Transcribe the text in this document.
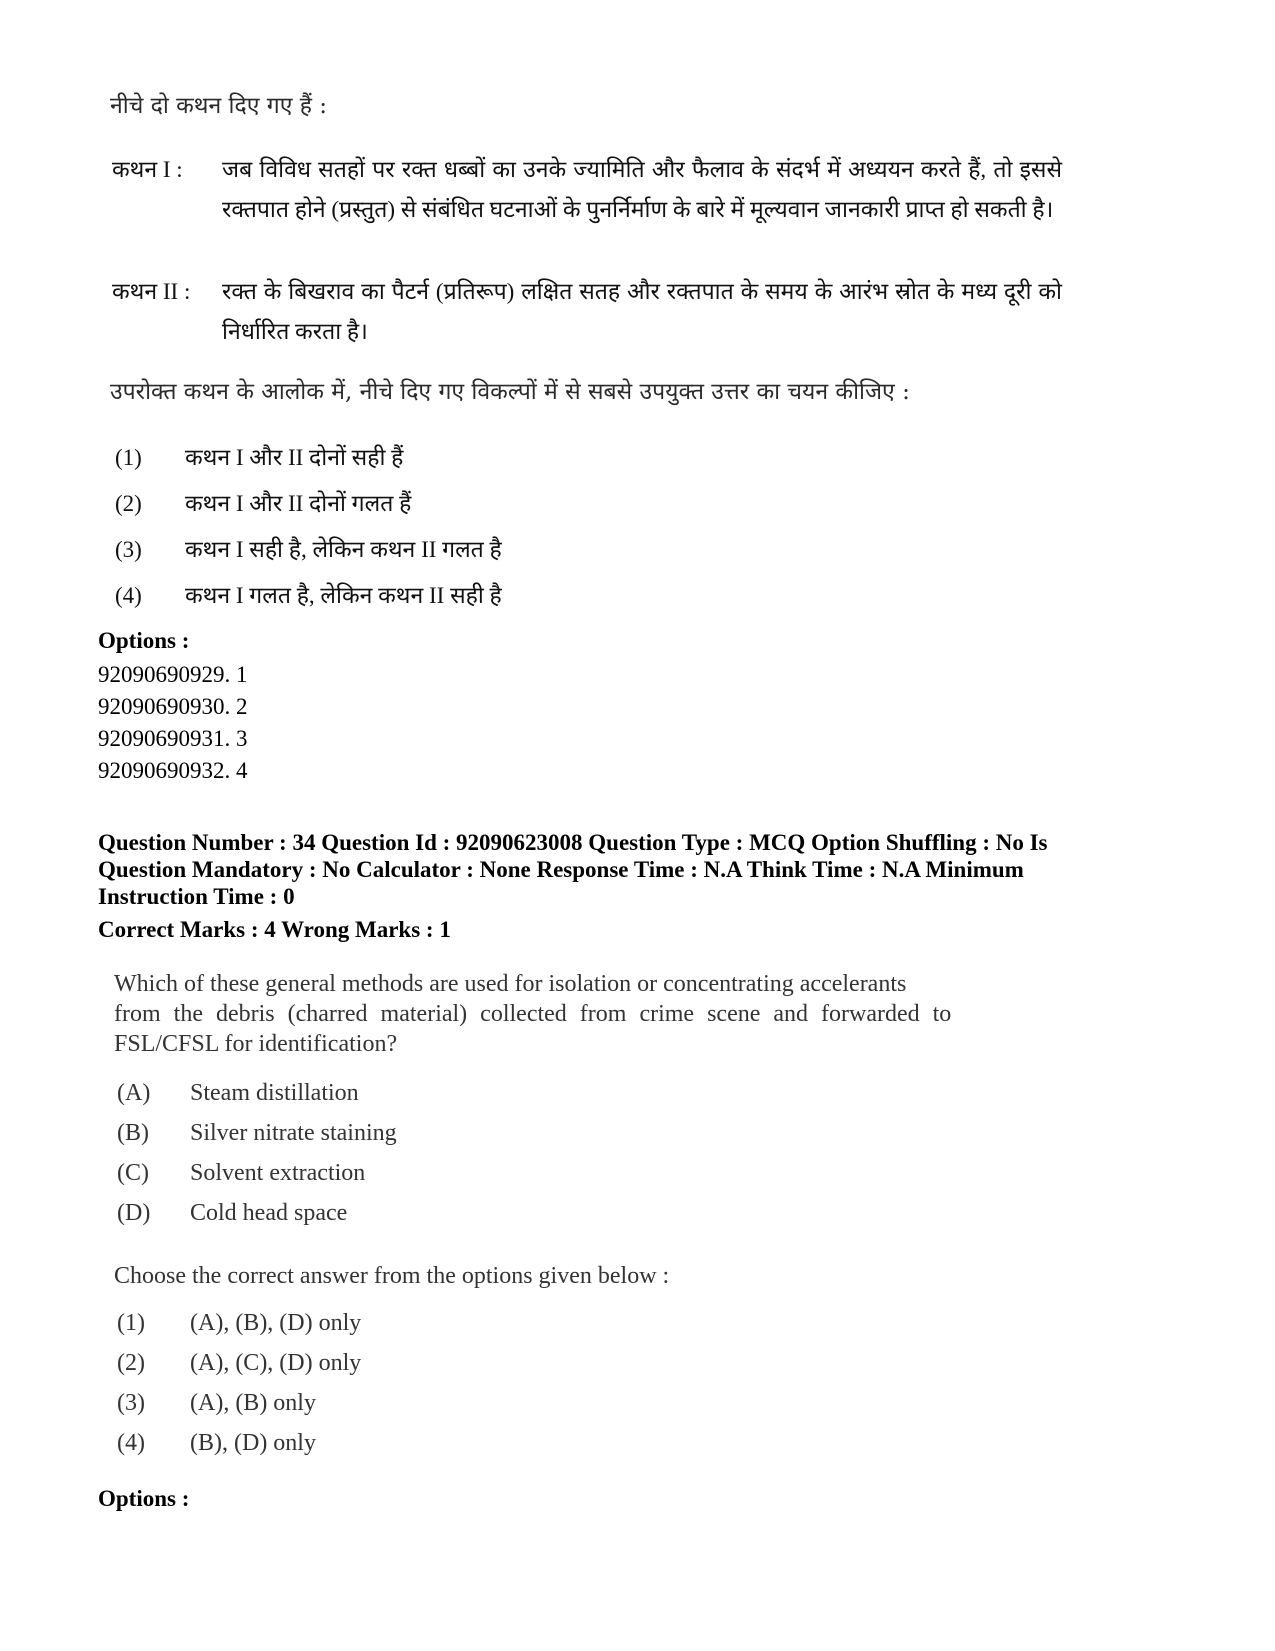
नीचे दो कथन दिए गए हैं :
कथन I : जब विविध सतहों पर रक्त धब्बों का उनके ज्यामिति और फैलाव के संदर्भ में अध्ययन करते हैं, तो इससे रक्तपात होने (प्रस्तुत) से संबंधित घटनाओं के पुनर्निर्माण के बारे में मूल्यवान जानकारी प्राप्त हो सकती है।
कथन II : रक्त के बिखराव का पैटर्न (प्रतिरूप) लक्षित सतह और रक्तपात के समय के आरंभ स्रोत के मध्य दूरी को निर्धारित करता है।
उपरोक्त कथन के आलोक में, नीचे दिए गए विकल्पों में से सबसे उपयुक्त उत्तर का चयन कीजिए :
(1) कथन I और II दोनों सही हैं
(2) कथन I और II दोनों गलत हैं
(3) कथन I सही है, लेकिन कथन II गलत है
(4) कथन I गलत है, लेकिन कथन II सही है
Options :
92090690929. 1
92090690930. 2
92090690931. 3
92090690932. 4
Question Number : 34 Question Id : 92090623008 Question Type : MCQ Option Shuffling : No Is
Question Mandatory : No Calculator : None Response Time : N.A Think Time : N.A Minimum
Instruction Time : 0
Correct Marks : 4 Wrong Marks : 1
Which of these general methods are used for isolation or concentrating accelerants
from the debris (charred material) collected from crime scene and forwarded to
FSL/CFSL for identification?
(A) Steam distillation
(B) Silver nitrate staining
(C) Solvent extraction
(D) Cold head space
Choose the correct answer from the options given below :
(1) (A), (B), (D) only
(2) (A), (C), (D) only
(3) (A), (B) only
(4) (B), (D) only
Options :
